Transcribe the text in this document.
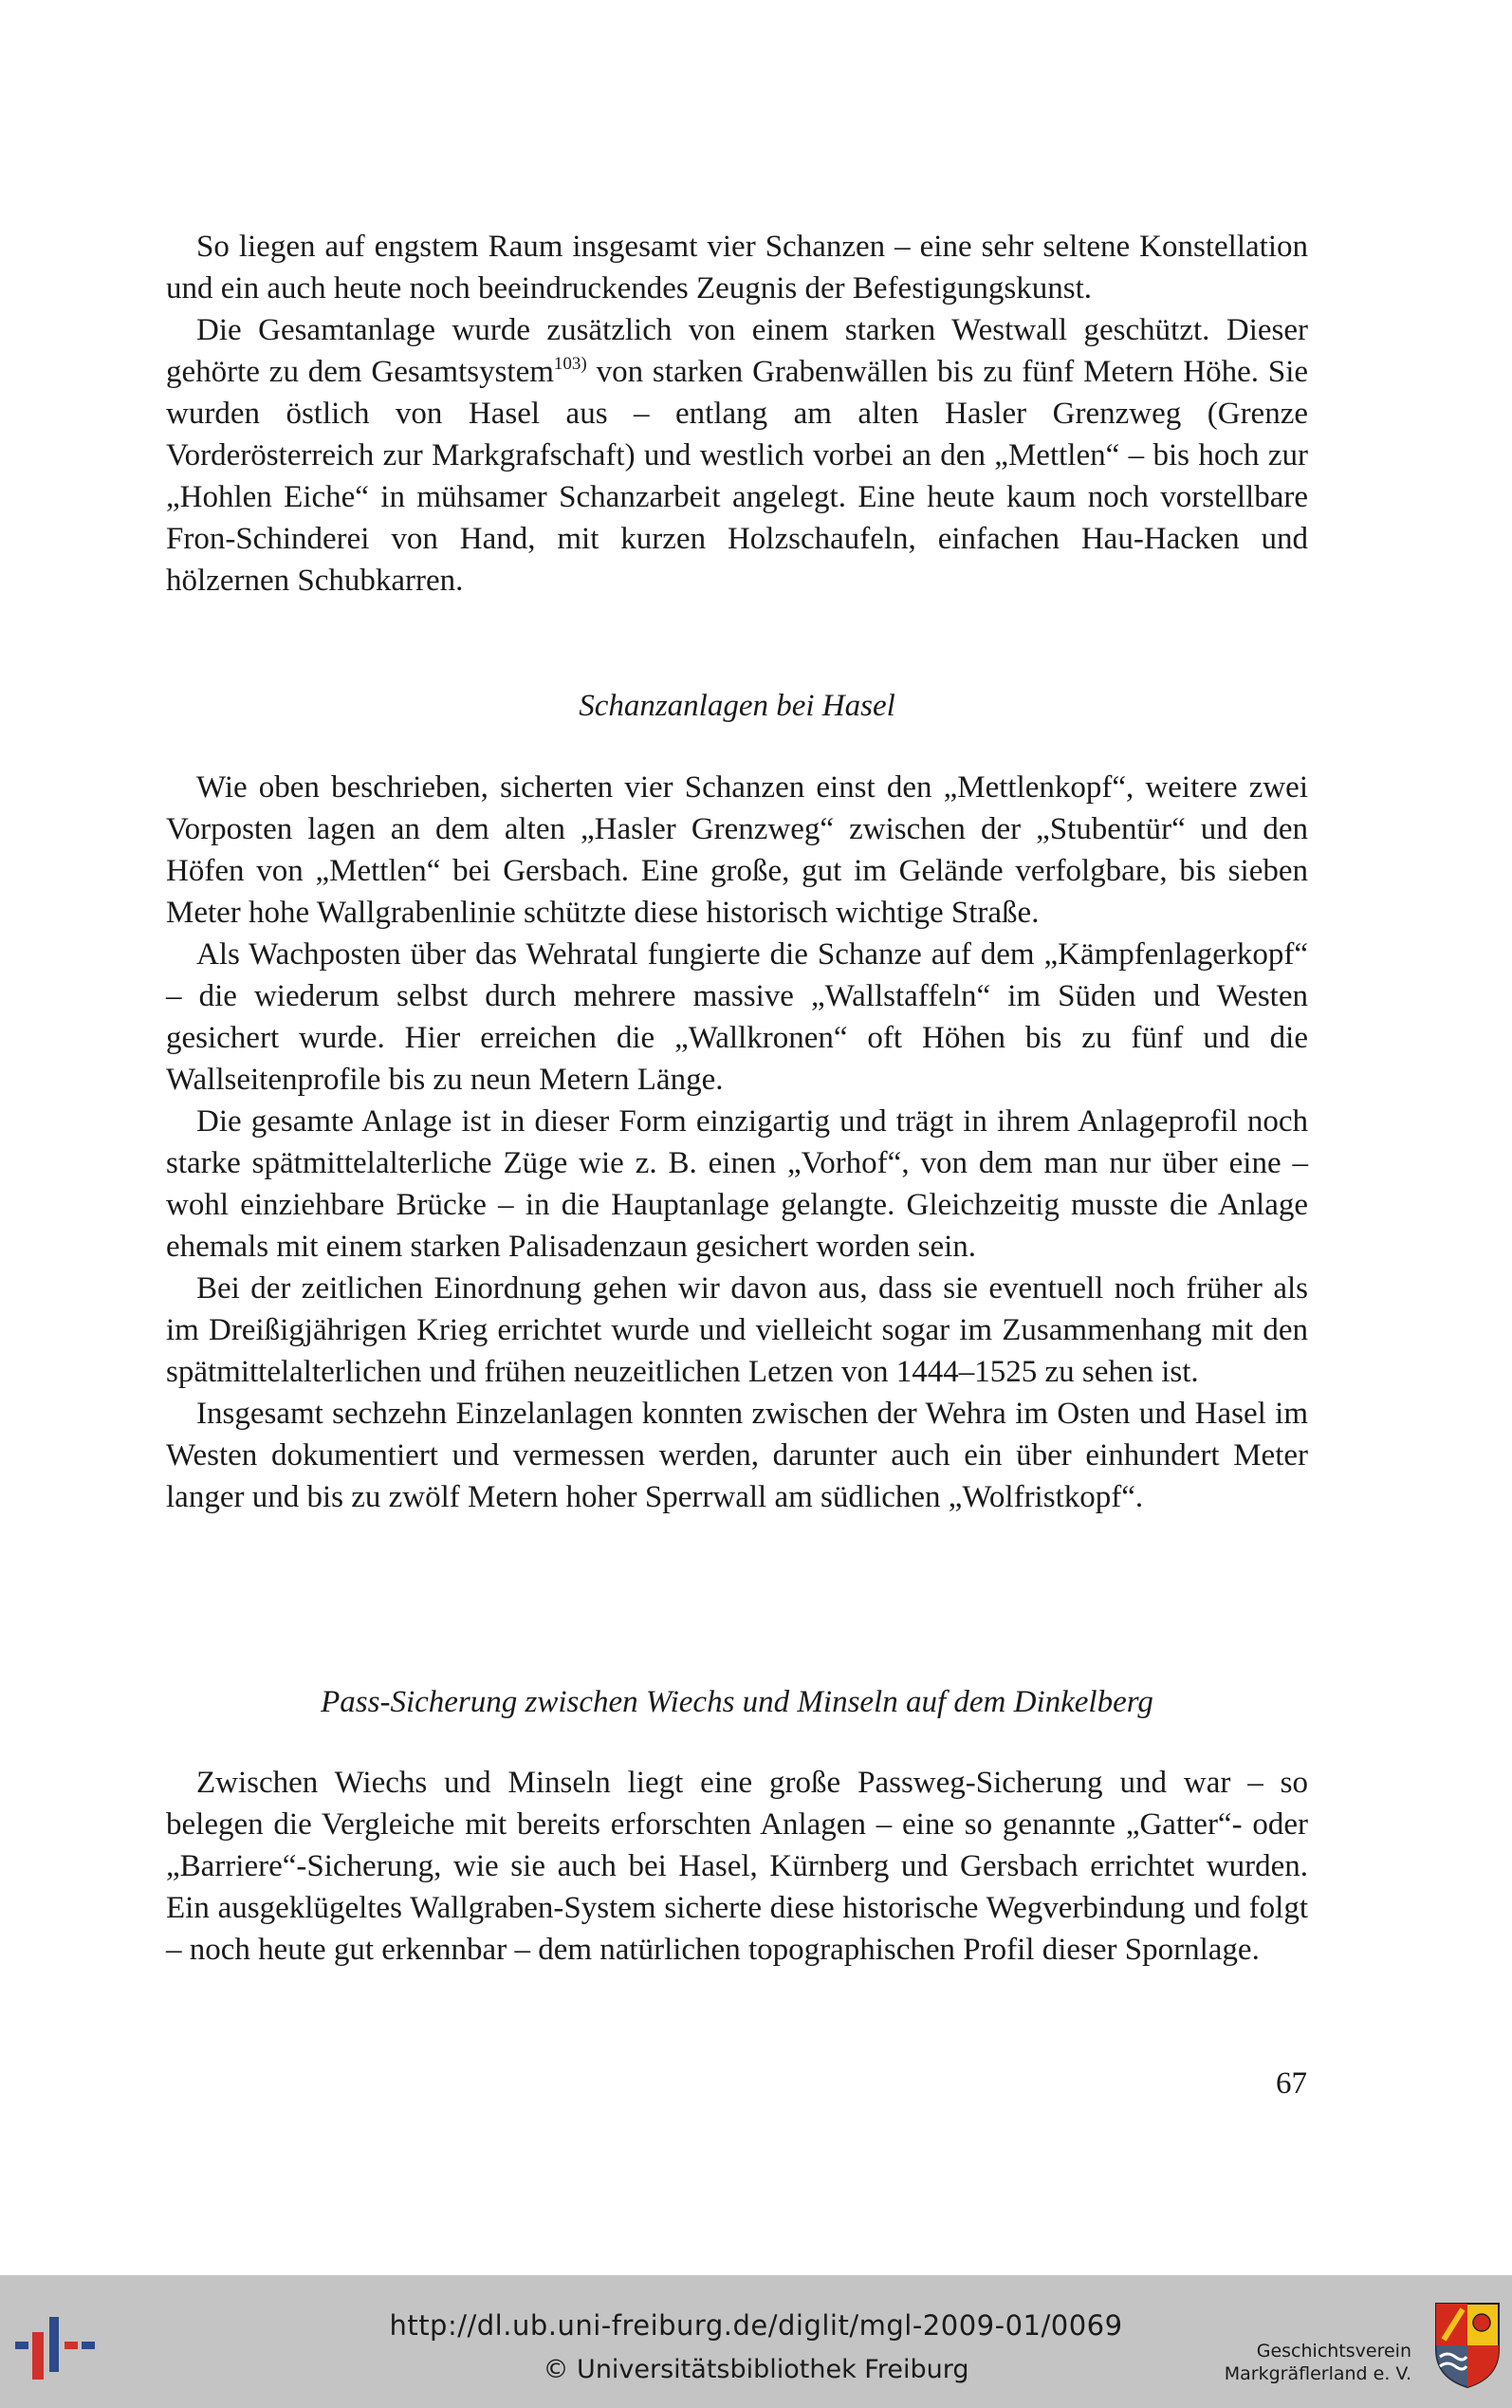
So liegen auf engstem Raum insgesamt vier Schanzen – eine sehr seltene Konstellation und ein auch heute noch beeindruckendes Zeugnis der Befestigungskunst.

Die Gesamtanlage wurde zusätzlich von einem starken Westwall geschützt. Dieser gehörte zu dem Gesamtsystem$^{103)}$ von starken Grabenwällen bis zu fünf Metern Höhe. Sie wurden östlich von Hasel aus – entlang am alten Hasler Grenzweg (Grenze Vorderösterreich zur Markgrafschaft) und westlich vorbei an den „Mettlen“ – bis hoch zur „Hohlen Eiche“ in mühsamer Schanzarbeit angelegt. Eine heute kaum noch vorstellbare Fron-Schinderei von Hand, mit kurzen Holzschaufeln, einfachen Hau-Hacken und hölzernen Schubkarren.

Schanzanlagen bei Hasel

Wie oben beschrieben, sicherten vier Schanzen einst den „Mettlenkopf“, weitere zwei Vorposten lagen an dem alten „Hasler Grenzweg“ zwischen der „Stubentür“ und den Höfen von „Mettlen“ bei Gersbach. Eine große, gut im Gelände verfolgbare, bis sieben Meter hohe Wallgrabenlinie schützte diese historisch wichtige Straße.

Als Wachposten über das Wehratal fungierte die Schanze auf dem „Kämpfenlagerkopf“ – die wiederum selbst durch mehrere massive „Wallstaffeln“ im Süden und Westen gesichert wurde. Hier erreichen die „Wallkronen“ oft Höhen bis zu fünf und die Wallseitenprofile bis zu neun Metern Länge.

Die gesamte Anlage ist in dieser Form einzigartig und trägt in ihrem Anlageprofil noch starke spätmittelalterliche Züge wie z. B. einen „Vorhof“, von dem man nur über eine – wohl einziehbare Brücke – in die Hauptanlage gelangte. Gleichzeitig musste die Anlage ehemals mit einem starken Palisadenzaun gesichert worden sein.

Bei der zeitlichen Einordnung gehen wir davon aus, dass sie eventuell noch früher als im Dreißigjährigen Krieg errichtet wurde und vielleicht sogar im Zusammenhang mit den spätmittelalterlichen und frühen neuzeitlichen Letzen von 1444–1525 zu sehen ist.

Insgesamt sechzehn Einzelanlagen konnten zwischen der Wehra im Osten und Hasel im Westen dokumentiert und vermessen werden, darunter auch ein über einhundert Meter langer und bis zu zwölf Metern hoher Sperrwall am südlichen „Wolfristkopf“.

Pass-Sicherung zwischen Wiechs und Minseln auf dem Dinkelberg

Zwischen Wiechs und Minseln liegt eine große Passweg-Sicherung und war – so belegen die Vergleiche mit bereits erforschten Anlagen – eine so genannte „Gatter“- oder „Barriere“-Sicherung, wie sie auch bei Hasel, Kürnberg und Gersbach errichtet wurden. Ein ausgeklügeltes Wallgraben-System sicherte diese historische Wegverbindung und folgt – noch heute gut erkennbar – dem natürlichen topographischen Profil dieser Spornlage.

67
http://dl.ub.uni-freiburg.de/diglit/mgl-2009-01/0069
© Universitätsbibliothek Freiburg
Geschichtsverein
Markgräflerland e. V.
